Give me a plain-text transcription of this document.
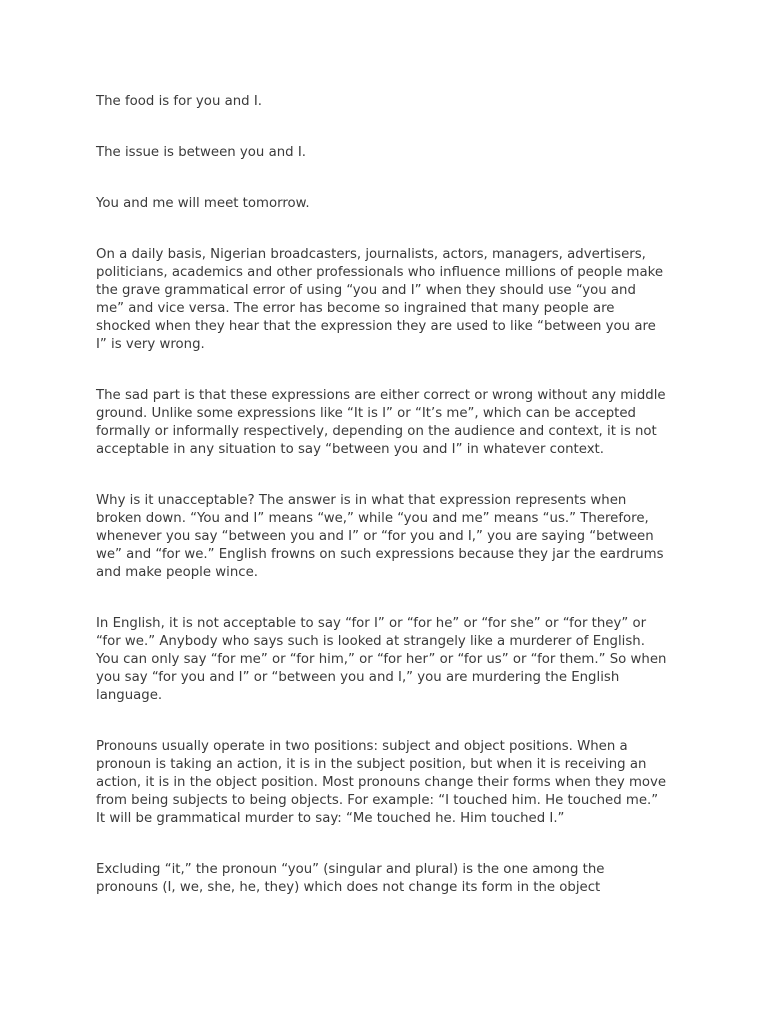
The food is for you and I.

The issue is between you and I.

You and me will meet tomorrow.

On a daily basis, Nigerian broadcasters, journalists, actors, managers, advertisers, politicians, academics and other professionals who influence millions of people make the grave grammatical error of using “you and I” when they should use “you and me” and vice versa. The error has become so ingrained that many people are shocked when they hear that the expression they are used to like “between you are I” is very wrong.

The sad part is that these expressions are either correct or wrong without any middle ground. Unlike some expressions like “It is I” or “It’s me”, which can be accepted formally or informally respectively, depending on the audience and context, it is not acceptable in any situation to say “between you and I” in whatever context.

Why is it unacceptable? The answer is in what that expression represents when broken down. “You and I” means “we,” while “you and me” means “us.” Therefore, whenever you say “between you and I” or “for you and I,” you are saying “between we” and “for we.” English frowns on such expressions because they jar the eardrums and make people wince.

In English, it is not acceptable to say “for I” or “for he” or “for she” or “for they” or “for we.” Anybody who says such is looked at strangely like a murderer of English. You can only say “for me” or “for him,” or “for her” or “for us” or “for them.” So when you say “for you and I” or “between you and I,” you are murdering the English language.

Pronouns usually operate in two positions: subject and object positions. When a pronoun is taking an action, it is in the subject position, but when it is receiving an action, it is in the object position. Most pronouns change their forms when they move from being subjects to being objects. For example: “I touched him. He touched me.” It will be grammatical murder to say: “Me touched he. Him touched I.”

Excluding “it,” the pronoun “you” (singular and plural) is the one among the pronouns (I, we, she, he, they) which does not change its form in the object
